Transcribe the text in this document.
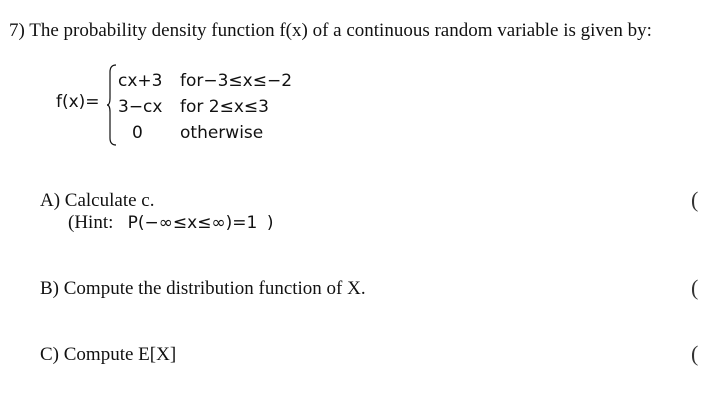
7) The probability density function f(x) of a continuous random variable is given by:
f(x)=
cx+3 for−3≤x≤−2
3−cx for 2≤x≤3
0 otherwise
A) Calculate c.
(Hint: P(−∞≤x≤∞)=1 )
B) Compute the distribution function of X.
C) Compute E[X]
(
(
(
